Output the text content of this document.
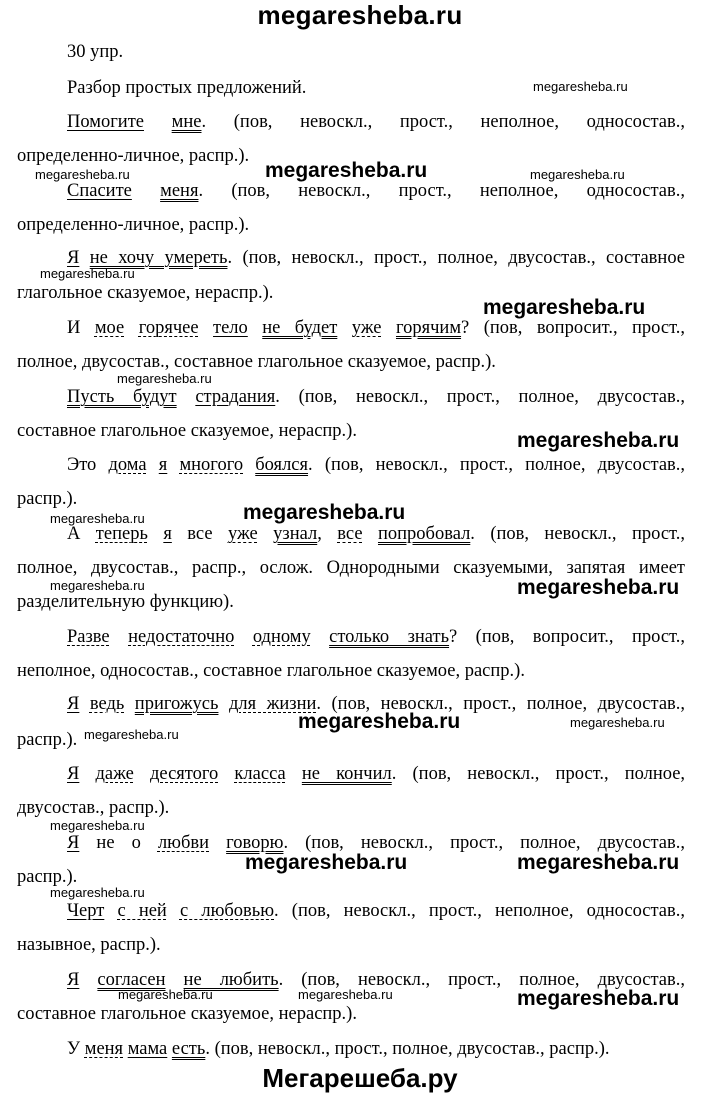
megaresheba.ru
30 упр.
Разбор простых предложений.
Помогите мне. (пов, невоскл., прост., неполное, односостав.,
определенно-личное, распр.).
Спасите меня. (пов, невоскл., прост., неполное, односостав.,
определенно-личное, распр.).
Я не хочу умереть. (пов, невоскл., прост., полное, двусостав., составное
глагольное сказуемое, нераспр.).
И мое горячее тело не будет уже горячим? (пов, вопросит., прост.,
полное, двусостав., составное глагольное сказуемое, распр.).
Пусть будут страдания. (пов, невоскл., прост., полное, двусостав.,
составное глагольное сказуемое, нераспр.).
Это дома я многого боялся. (пов, невоскл., прост., полное, двусостав.,
распр.).
А теперь я все уже узнал, все попробовал. (пов, невоскл., прост.,
полное, двусостав., распр., ослож. Однородными сказуемыми, запятая имеет
разделительную функцию).
Разве недостаточно одному столько знать? (пов, вопросит., прост.,
неполное, односостав., составное глагольное сказуемое, распр.).
Я ведь пригожусь для жизни. (пов, невоскл., прост., полное, двусостав.,
распр.).
Я даже десятого класса не кончил. (пов, невоскл., прост., полное,
двусостав., распр.).
Я не о любви говорю. (пов, невоскл., прост., полное, двусостав.,
распр.).
Черт с ней с любовью. (пов, невоскл., прост., неполное, односостав.,
назывное, распр.).
Я согласен не любить. (пов, невоскл., прост., полное, двусостав.,
составное глагольное сказуемое, нераспр.).
У меня мама есть. (пов, невоскл., прост., полное, двусостав., распр.).
megaresheba.ru
megaresheba.ru	megaresheba.ru	megaresheba.ru
megaresheba.ru
megaresheba.ru
megaresheba.ru
megaresheba.ru
megaresheba.ru
megaresheba.ru
megaresheba.ru	megaresheba.ru
megaresheba.ru	megaresheba.ru
megaresheba.ru
megaresheba.ru
megaresheba.ru	megaresheba.ru
megaresheba.ru
megaresheba.ru	megaresheba.ru	megaresheba.ru
Мегарешеба.ру
